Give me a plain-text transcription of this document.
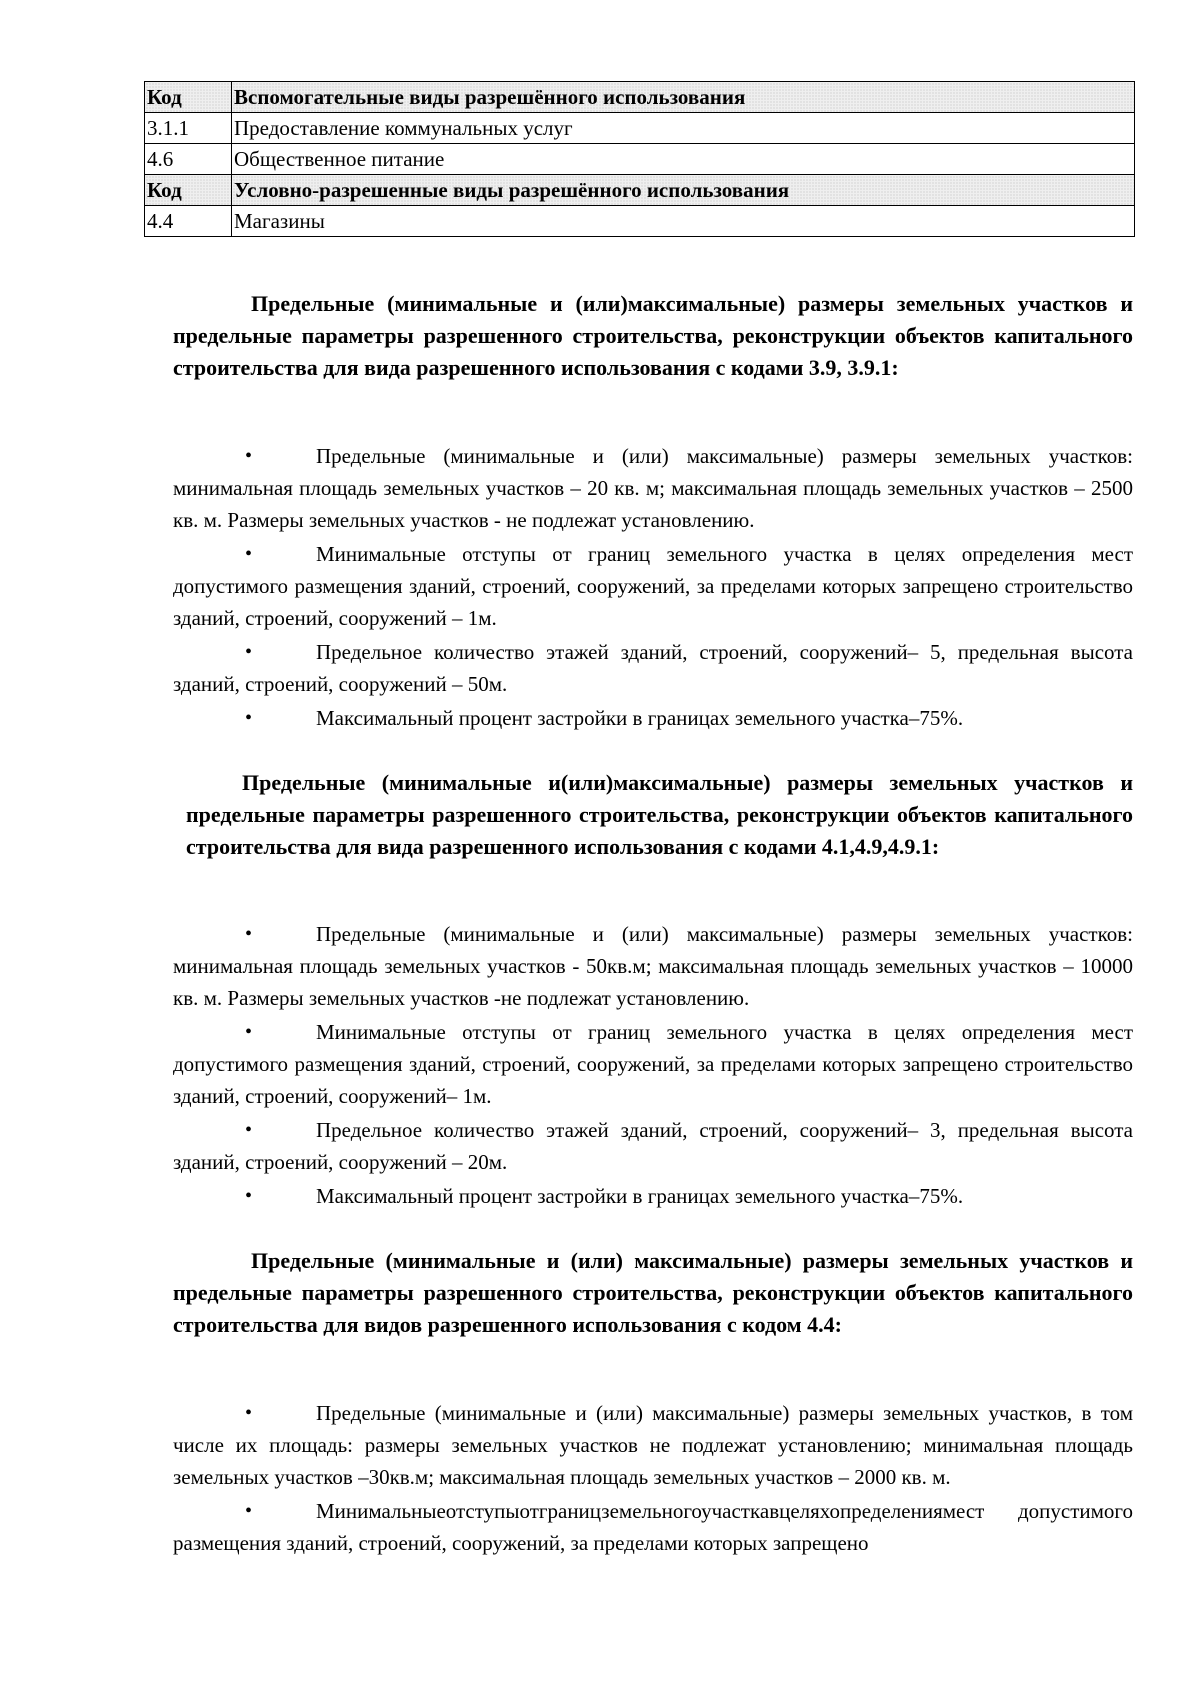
Код	Вспомогательные виды разрешённого использования
3.1.1	Предоставление коммунальных услуг
4.6	Общественное питание
Код	Условно-разрешенные виды разрешённого использования
4.4	Магазины

Предельные (минимальные и (или)максимальные) размеры земельных участков и предельные параметры разрешенного строительства, реконструкции объектов капитального строительства для вида разрешенного использования с кодами 3.9, 3.9.1:

•	Предельные (минимальные и (или) максимальные) размеры земельных участков: минимальная площадь земельных участков – 20 кв. м; максимальная площадь земельных участков – 2500 кв. м. Размеры земельных участков - не подлежат установлению.
•	Минимальные отступы от границ земельного участка в целях определения мест допустимого размещения зданий, строений, сооружений, за пределами которых запрещено строительство зданий, строений, сооружений – 1м.
•	Предельное количество этажей зданий, строений, сооружений– 5, предельная высота зданий, строений, сооружений – 50м.
•	Максимальный процент застройки в границах земельного участка–75%.

Предельные (минимальные и(или)максимальные) размеры земельных участков и предельные параметры разрешенного строительства, реконструкции объектов капитального строительства для вида разрешенного использования с кодами 4.1,4.9,4.9.1:

•	Предельные (минимальные и (или) максимальные) размеры земельных участков: минимальная площадь земельных участков - 50кв.м; максимальная площадь земельных участков – 10000 кв. м. Размеры земельных участков -не подлежат установлению.
•	Минимальные отступы от границ земельного участка в целях определения мест допустимого размещения зданий, строений, сооружений, за пределами которых запрещено строительство зданий, строений, сооружений– 1м.
•	Предельное количество этажей зданий, строений, сооружений– 3, предельная высота зданий, строений, сооружений – 20м.
•	Максимальный процент застройки в границах земельного участка–75%.

Предельные (минимальные и (или) максимальные) размеры земельных участков и предельные параметры разрешенного строительства, реконструкции объектов капитального строительства для видов разрешенного использования с кодом 4.4:

•	Предельные (минимальные и (или) максимальные) размеры земельных участков, в том числе их площадь: размеры земельных участков не подлежат установлению; минимальная площадь земельных участков –30кв.м; максимальная площадь земельных участков – 2000 кв. м.
•	Минимальныеотступыотграницземельногоучасткавцеляхопределениямест допустимого размещения зданий, строений, сооружений, за пределами которых запрещено
